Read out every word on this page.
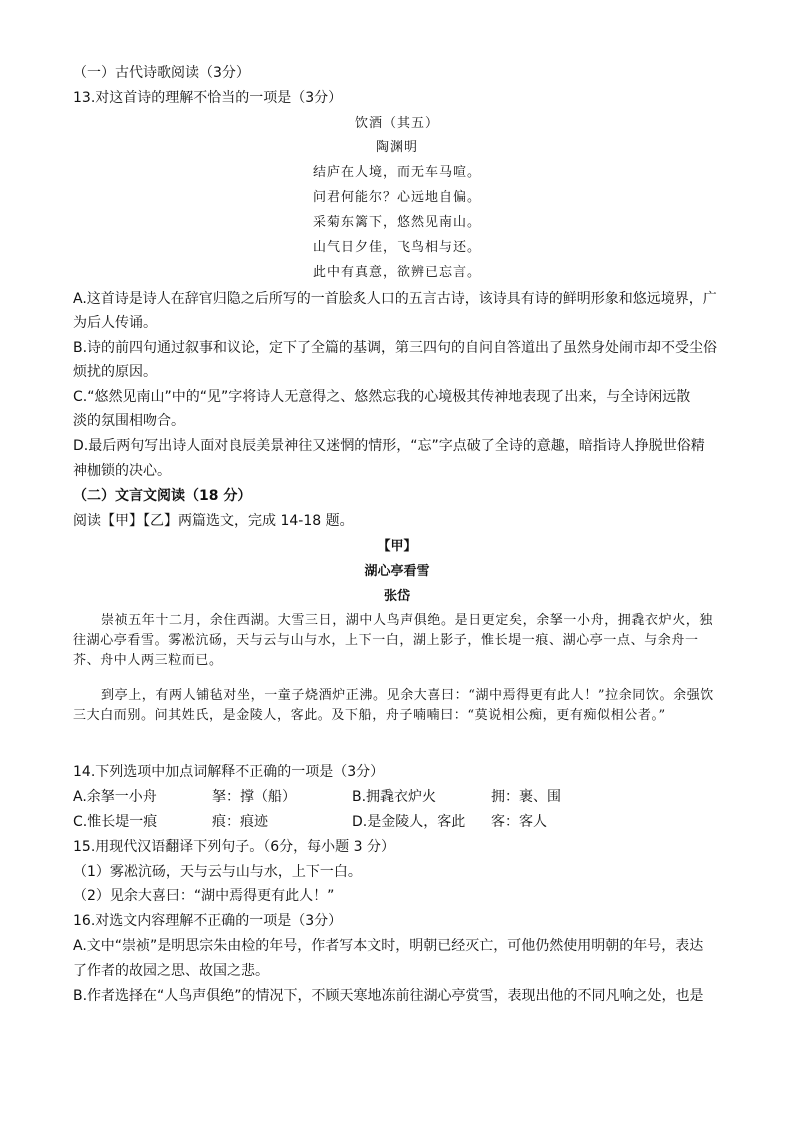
（一）古代诗歌阅读（3分）
13.对这首诗的理解不恰当的一项是（3分）
饮酒（其五）
陶渊明
结庐在人境，而无车马喧。
问君何能尔？心远地自偏。
采菊东篱下，悠然见南山。
山气日夕佳，飞鸟相与还。
此中有真意，欲辨已忘言。
A.这首诗是诗人在辞官归隐之后所写的一首脍炙人口的五言古诗，该诗具有诗的鲜明形象和悠远境界，广
为后人传诵。
B.诗的前四句通过叙事和议论，定下了全篇的基调，第三四句的自问自答道出了虽然身处闹市却不受尘俗
烦扰的原因。
C.“悠然见南山”中的“见”字将诗人无意得之、悠然忘我的心境极其传神地表现了出来，与全诗闲远散
淡的氛围相吻合。
D.最后两句写出诗人面对良辰美景神往又迷惘的情形，“忘”字点破了全诗的意趣，暗指诗人挣脱世俗精
神枷锁的决心。
（二）文言文阅读（18 分）
阅读【甲】【乙】两篇选文，完成 14-18 题。
【甲】
湖心亭看雪
张岱
崇祯五年十二月，余住西湖。大雪三日，湖中人鸟声俱绝。是日更定矣，余拏一小舟，拥毳衣炉火，独往湖心亭看雪。雾凇沆砀，天与云与山与水，上下一白，湖上影子，惟长堤一痕、湖心亭一点、与余舟一芥、舟中人两三粒而已。
到亭上，有两人铺毡对坐，一童子烧酒炉正沸。见余大喜曰：“湖中焉得更有此人！”拉余同饮。余强饮三大白而别。问其姓氏，是金陵人，客此。及下船，舟子喃喃曰：“莫说相公痴，更有痴似相公者。”
14.下列选项中加点词解释不正确的一项是（3分）
A.余拏一小舟	拏：撑（船）	B.拥毳衣炉火	拥：裹、围
C.惟长堤一痕	痕：痕迹	D.是金陵人，客此 客：客人
15.用现代汉语翻译下列句子。（6分，每小题 3 分）
（1）雾凇沆砀，天与云与山与水，上下一白。
（2）见余大喜曰：“湖中焉得更有此人！”
16.对选文内容理解不正确的一项是（3分）
A.文中“崇祯”是明思宗朱由检的年号，作者写本文时，明朝已经灭亡，可他仍然使用明朝的年号，表达
了作者的故园之思、故国之悲。
B.作者选择在“人鸟声俱绝”的情况下，不顾天寒地冻前往湖心亭赏雪，表现出他的不同凡响之处，也是
